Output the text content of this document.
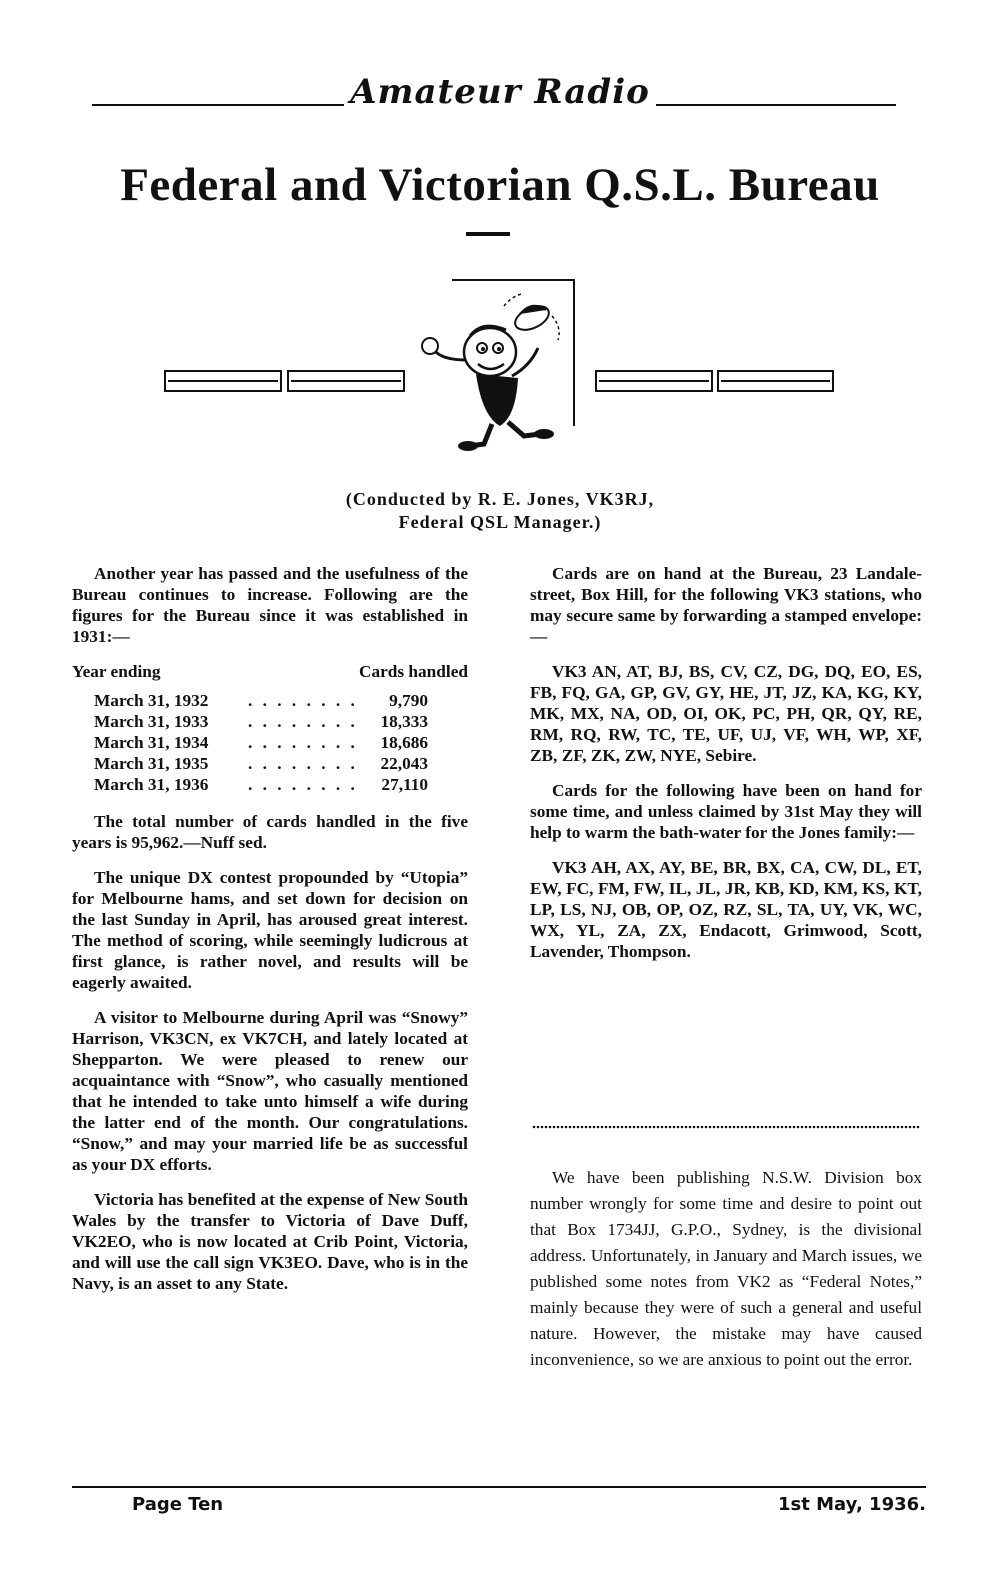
Amateur Radio
Federal and Victorian Q.S.L. Bureau
(Conducted by R. E. Jones, VK3RJ,
Federal QSL Manager.)

Another year has passed and the usefulness of the Bureau continues to increase. Following are the figures for the Bureau since it was established in 1931:—

Year ending	Cards handled
March 31, 1932	. . . . . . . .	9,790
March 31, 1933	. . . . . . . .	18,333
March 31, 1934	. . . . . . . .	18,686
March 31, 1935	. . . . . . . .	22,043
March 31, 1936	. . . . . . . .	27,110

The total number of cards handled in the five years is 95,962.—Nuff sed.

The unique DX contest propounded by “Utopia” for Melbourne hams, and set down for decision on the last Sunday in April, has aroused great interest. The method of scoring, while seemingly ludicrous at first glance, is rather novel, and results will be eagerly awaited.

A visitor to Melbourne during April was “Snowy” Harrison, VK3CN, ex VK7CH, and lately located at Shepparton. We were pleased to renew our acquaintance with “Snow”, who casually mentioned that he intended to take unto himself a wife during the latter end of the month. Our congratulations. “Snow,” and may your married life be as successful as your DX efforts.

Victoria has benefited at the expense of New South Wales by the transfer to Victoria of Dave Duff, VK2EO, who is now located at Crib Point, Victoria, and will use the call sign VK3EO. Dave, who is in the Navy, is an asset to any State.

Cards are on hand at the Bureau, 23 Landale-street, Box Hill, for the following VK3 stations, who may secure same by forwarding a stamped envelope:—

VK3 AN, AT, BJ, BS, CV, CZ, DG, DQ, EO, ES, FB, FQ, GA, GP, GV, GY, HE, JT, JZ, KA, KG, KY, MK, MX, NA, OD, OI, OK, PC, PH, QR, QY, RE, RM, RQ, RW, TC, TE, UF, UJ, VF, WH, WP, XF, ZB, ZF, ZK, ZW, NYE, Sebire.

Cards for the following have been on hand for some time, and unless claimed by 31st May they will help to warm the bath-water for the Jones family:—

VK3 AH, AX, AY, BE, BR, BX, CA, CW, DL, ET, EW, FC, FM, FW, IL, JL, JR, KB, KD, KM, KS, KT, LP, LS, NJ, OB, OP, OZ, RZ, SL, TA, UY, VK, WC, WX, YL, ZA, ZX, Endacott, Grimwood, Scott, Lavender, Thompson.

We have been publishing N.S.W. Division box number wrongly for some time and desire to point out that Box 1734JJ, G.P.O., Sydney, is the divisional address. Unfortunately, in January and March issues, we published some notes from VK2 as “Federal Notes,” mainly because they were of such a general and useful nature. However, the mistake may have caused inconvenience, so we are anxious to point out the error.

Page Ten	1st May, 1936.
